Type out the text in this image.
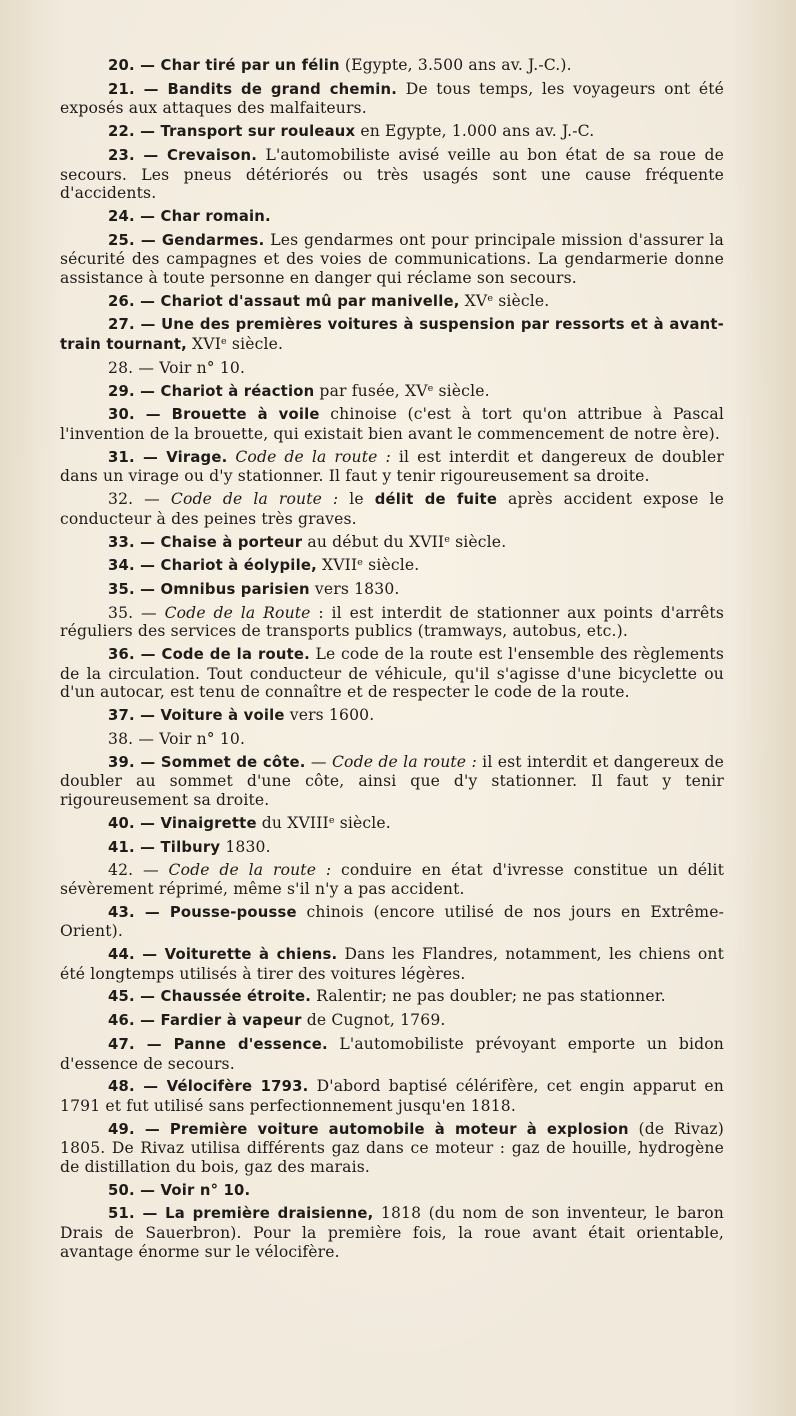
20. — Char tiré par un félin (Egypte, 3.500 ans av. J.-C.).

21. — Bandits de grand chemin. De tous temps, les voyageurs ont été exposés aux attaques des malfaiteurs.

22. — Transport sur rouleaux en Egypte, 1.000 ans av. J.-C.

23. — Crevaison. L'automobiliste avisé veille au bon état de sa roue de secours. Les pneus détériorés ou très usagés sont une cause fréquente d'accidents.

24. — Char romain.

25. — Gendarmes. Les gendarmes ont pour principale mission d'assurer la sécurité des campagnes et des voies de communications. La gendarmerie donne assistance à toute personne en danger qui réclame son secours.

26. — Chariot d'assaut mû par manivelle, XVe siècle.

27. — Une des premières voitures à suspension par ressorts et à avant-train tournant, XVIe siècle.

28. — Voir n° 10.

29. — Chariot à réaction par fusée, XVe siècle.

30. — Brouette à voile chinoise (c'est à tort qu'on attribue à Pascal l'invention de la brouette, qui existait bien avant le commencement de notre ère).

31. — Virage. Code de la route : il est interdit et dangereux de doubler dans un virage ou d'y stationner. Il faut y tenir rigoureusement sa droite.

32. — Code de la route : le délit de fuite après accident expose le conducteur à des peines très graves.

33. — Chaise à porteur au début du XVIIe siècle.

34. — Chariot à éolypile, XVIIe siècle.

35. — Omnibus parisien vers 1830.

35. — Code de la Route : il est interdit de stationner aux points d'arrêts réguliers des services de transports publics (tramways, autobus, etc.).

36. — Code de la route. Le code de la route est l'ensemble des règlements de la circulation. Tout conducteur de véhicule, qu'il s'agisse d'une bicyclette ou d'un autocar, est tenu de connaître et de respecter le code de la route.

37. — Voiture à voile vers 1600.

38. — Voir n° 10.

39. — Sommet de côte. — Code de la route : il est interdit et dangereux de doubler au sommet d'une côte, ainsi que d'y stationner. Il faut y tenir rigoureusement sa droite.

40. — Vinaigrette du XVIIIe siècle.

41. — Tilbury 1830.

42. — Code de la route : conduire en état d'ivresse constitue un délit sévèrement réprimé, même s'il n'y a pas accident.

43. — Pousse-pousse chinois (encore utilisé de nos jours en Extrême-Orient).

44. — Voiturette à chiens. Dans les Flandres, notamment, les chiens ont été longtemps utilisés à tirer des voitures légères.

45. — Chaussée étroite. Ralentir; ne pas doubler; ne pas stationner.

46. — Fardier à vapeur de Cugnot, 1769.

47. — Panne d'essence. L'automobiliste prévoyant emporte un bidon d'essence de secours.

48. — Vélocifère 1793. D'abord baptisé célérifère, cet engin apparut en 1791 et fut utilisé sans perfectionnement jusqu'en 1818.

49. — Première voiture automobile à moteur à explosion (de Rivaz) 1805. De Rivaz utilisa différents gaz dans ce moteur : gaz de houille, hydrogène de distillation du bois, gaz des marais.

50. — Voir n° 10.

51. — La première draisienne, 1818 (du nom de son inventeur, le baron Drais de Sauerbron). Pour la première fois, la roue avant était orientable, avantage énorme sur le vélocifère.
